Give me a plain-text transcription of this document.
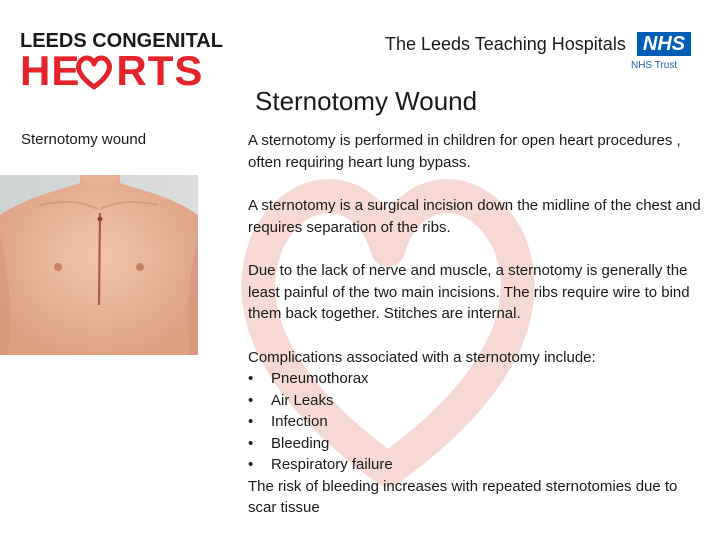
LEEDS CONGENITAL
HE RTS
The Leeds Teaching Hospitals NHS
NHS Trust
Sternotomy Wound
Sternotomy wound	A sternotomy is performed in children for open heart procedures , often requiring heart lung bypass.

A sternotomy is a surgical incision down the midline of the chest and requires separation of the ribs.

Due to the lack of nerve and muscle, a sternotomy is generally the least painful of the two main incisions. The ribs require wire to bind them back together. Stitches are internal.

Complications associated with a sternotomy include:
• Pneumothorax
• Air Leaks
• Infection
• Bleeding
• Respiratory failure
The risk of bleeding increases with repeated sternotomies due to scar tissue
